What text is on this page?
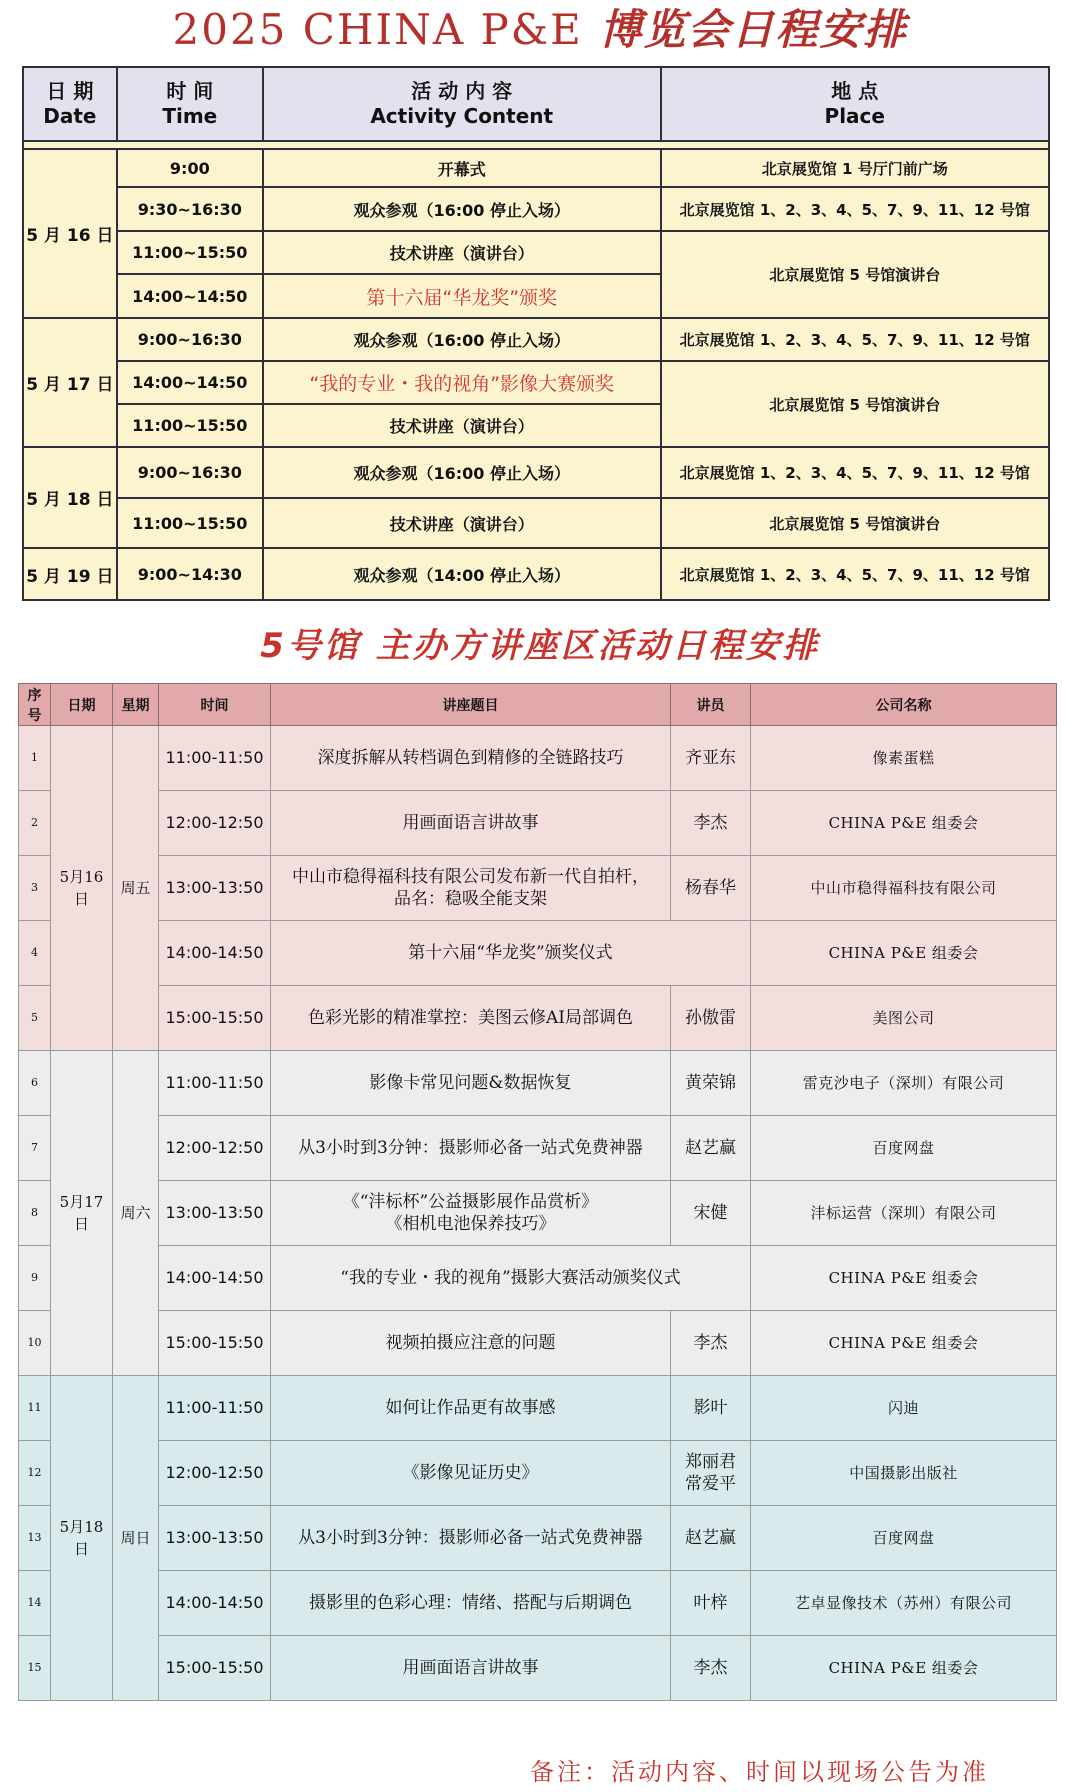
2025 CHINA P&E 博览会日程安排
日 期
Date	时 间
Time	活 动 内 容
Activity Content	地 点
Place

5 月 16 日	9:00	开幕式	北京展览馆 1 号厅门前广场
	9:30~16:30	观众参观（16:00 停止入场）	北京展览馆 1、2、3、4、5、7、9、11、12 号馆
	11:00~15:50	技术讲座（演讲台）	北京展览馆 5 号馆演讲台
	14:00~14:50	第十六届“华龙奖”颁奖	
5 月 17 日	9:00~16:30	观众参观（16:00 停止入场）	北京展览馆 1、2、3、4、5、7、9、11、12 号馆
	14:00~14:50	“我的专业・我的视角”影像大赛颁奖	北京展览馆 5 号馆演讲台
	11:00~15:50	技术讲座（演讲台）	
5 月 18 日	9:00~16:30	观众参观（16:00 停止入场）	北京展览馆 1、2、3、4、5、7、9、11、12 号馆
	11:00~15:50	技术讲座（演讲台）	北京展览馆 5 号馆演讲台
5 月 19 日	9:00~14:30	观众参观（14:00 停止入场）	北京展览馆 1、2、3、4、5、7、9、11、12 号馆
5号馆 主办方讲座区活动日程安排
序号	日期	星期	时间	讲座题目	讲员	公司名称
1	5月16日	周五	11:00-11:50	深度拆解从转档调色到精修的全链路技巧	齐亚东	像素蛋糕
2			12:00-12:50	用画面语言讲故事	李杰	CHINA P&E 组委会
3			13:00-13:50	中山市稳得福科技有限公司发布新一代自拍杆，
品名：稳吸全能支架	杨春华	中山市稳得福科技有限公司
4			14:00-14:50	第十六届“华龙奖”颁奖仪式		CHINA P&E 组委会
5			15:00-15:50	色彩光影的精准掌控：美图云修AI局部调色	孙傲雷	美图公司
6	5月17日	周六	11:00-11:50	影像卡常见问题&数据恢复	黄荣锦	雷克沙电子（深圳）有限公司
7			12:00-12:50	从3小时到3分钟：摄影师必备一站式免费神器	赵艺赢	百度网盘
8			13:00-13:50	《“沣标杯”公益摄影展作品赏析》
《相机电池保养技巧》	宋健	沣标运营（深圳）有限公司
9			14:00-14:50	“我的专业・我的视角”摄影大赛活动颁奖仪式		CHINA P&E 组委会
10			15:00-15:50	视频拍摄应注意的问题	李杰	CHINA P&E 组委会
11	5月18日	周日	11:00-11:50	如何让作品更有故事感	影叶	闪迪
12			12:00-12:50	《影像见证历史》	郑丽君
常爱平	中国摄影出版社
13			13:00-13:50	从3小时到3分钟：摄影师必备一站式免费神器	赵艺赢	百度网盘
14			14:00-14:50	摄影里的色彩心理：情绪、搭配与后期调色	叶梓	艺卓显像技术（苏州）有限公司
15			15:00-15:50	用画面语言讲故事	李杰	CHINA P&E 组委会
备注：活动内容、时间以现场公告为准
